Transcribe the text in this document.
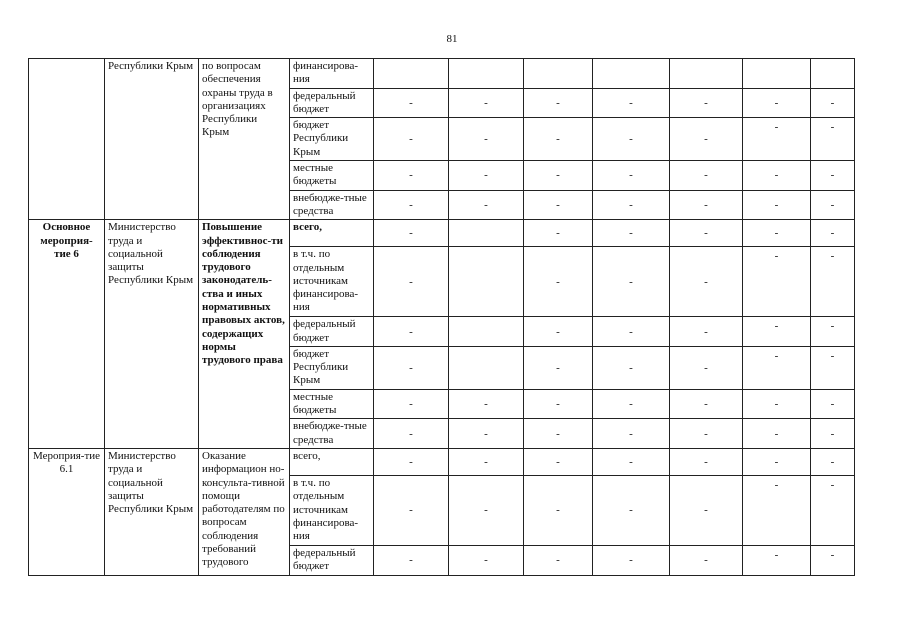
81
	Республики Крым	по вопросам обеспечения охраны труда в организациях Республики Крым	финансирова-ния	

			федеральный бюджет	-	-	-	-	-	-	-

			бюджет Республики Крым	-	-	-	-	-	-	-

			местные бюджеты	-	-	-	-	-	-	-

			внебюдже-тные средства	-	-	-	-	-	-	-

Основное мероприя-тие 6	Министерство труда и социальной защиты Республики Крым	Повышение эффективнос-ти соблюдения трудового законодатель-ства и иных нормативных правовых актов, содержащих нормы трудового права	всего,	-		-	-	-	-	-

			в т.ч. по отдельным источникам финансирова-ния	-		-	-	-	-	-

			федеральный бюджет	-		-	-	-	-	-

			бюджет Республики Крым	-		-	-	-	-	-

			местные бюджеты	-	-	-	-	-	-	-

			внебюдже-тные средства	-	-	-	-	-	-	-

Мероприя-тие 6.1	Министерство труда и социальной защиты Республики Крым	Оказание информацион но-консульта-тивной помощи работодателям по вопросам соблюдения требований трудового	всего,	-	-	-	-	-	-	-

			в т.ч. по отдельным источникам финансирова-ния	-	-	-	-	-	-	-

			федеральный бюджет	-	-	-	-	-	-	-
